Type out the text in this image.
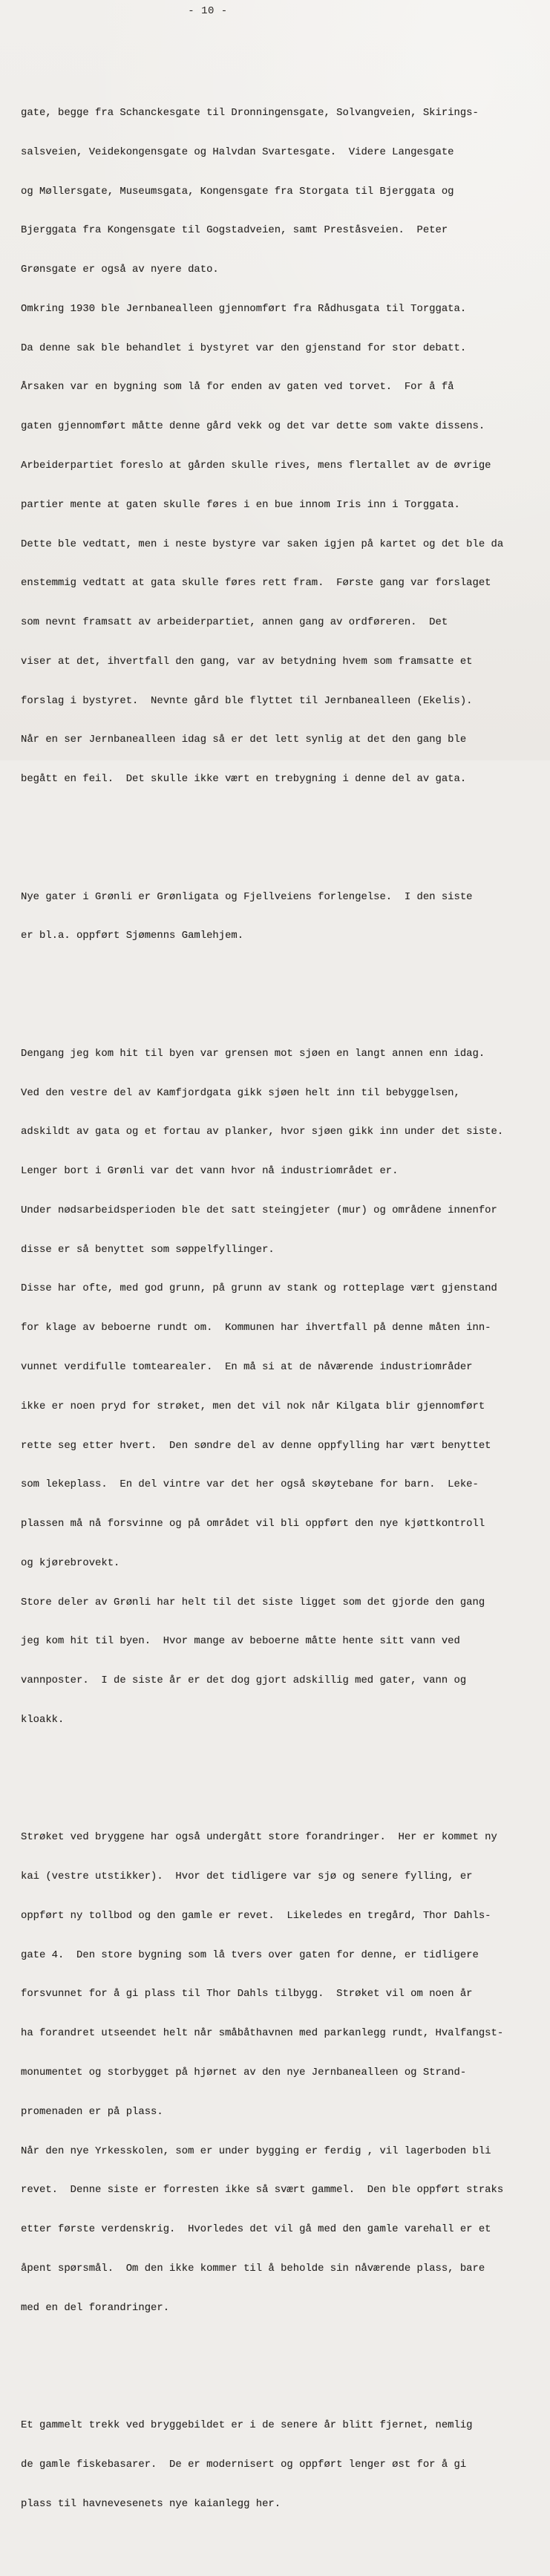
- 10 -

gate, begge fra Schanckesgate til Dronningensgate, Solvangveien, Skirings-

salsveien, Veidekongensgate og Halvdan Svartesgate.  Videre Langesgate

og Møllersgate, Museumsgata, Kongensgate fra Storgata til Bjerggata og

Bjerggata fra Kongensgate til Gogstadveien, samt Preståsveien.  Peter

Grønsgate er også av nyere dato.

Omkring 1930 ble Jernbanealleen gjennomført fra Rådhusgata til Torggata.

Da denne sak ble behandlet i bystyret var den gjenstand for stor debatt.

Årsaken var en bygning som lå for enden av gaten ved torvet.  For å få

gaten gjennomført måtte denne gård vekk og det var dette som vakte dissens.

Arbeiderpartiet foreslo at gården skulle rives, mens flertallet av de øvrige

partier mente at gaten skulle føres i en bue innom Iris inn i Torggata.

Dette ble vedtatt, men i neste bystyre var saken igjen på kartet og det ble da

enstemmig vedtatt at gata skulle føres rett fram.  Første gang var forslaget

som nevnt framsatt av arbeiderpartiet, annen gang av ordføreren.  Det

viser at det, ihvertfall den gang, var av betydning hvem som framsatte et

forslag i bystyret.  Nevnte gård ble flyttet til Jernbanealleen (Ekelis).

Når en ser Jernbanealleen idag så er det lett synlig at det den gang ble

begått en feil.  Det skulle ikke vært en trebygning i denne del av gata.

Nye gater i Grønli er Grønligata og Fjellveiens forlengelse.  I den siste

er bl.a. oppført Sjømenns Gamlehjem.

Dengang jeg kom hit til byen var grensen mot sjøen en langt annen enn idag.

Ved den vestre del av Kamfjordgata gikk sjøen helt inn til bebyggelsen,

adskildt av gata og et fortau av planker, hvor sjøen gikk inn under det siste.

Lenger bort i Grønli var det vann hvor nå industriområdet er.

Under nødsarbeidsperioden ble det satt steingjeter (mur) og områdene innenfor

disse er så benyttet som søppelfyllinger.

Disse har ofte, med god grunn, på grunn av stank og rotteplage vært gjenstand

for klage av beboerne rundt om.  Kommunen har ihvertfall på denne måten inn-

vunnet verdifulle tomtearealer.  En må si at de nåværende industriområder

ikke er noen pryd for strøket, men det vil nok når Kilgata blir gjennomført

rette seg etter hvert.  Den søndre del av denne oppfylling har vært benyttet

som lekeplass.  En del vintre var det her også skøytebane for barn.  Leke-

plassen må nå forsvinne og på området vil bli oppført den nye kjøttkontroll

og kjørebrovekt.

Store deler av Grønli har helt til det siste ligget som det gjorde den gang

jeg kom hit til byen.  Hvor mange av beboerne måtte hente sitt vann ved

vannposter.  I de siste år er det dog gjort adskillig med gater, vann og

kloakk.

Strøket ved bryggene har også undergått store forandringer.  Her er kommet ny

kai (vestre utstikker).  Hvor det tidligere var sjø og senere fylling, er

oppført ny tollbod og den gamle er revet.  Likeledes en tregård, Thor Dahls-

gate 4.  Den store bygning som lå tvers over gaten for denne, er tidligere

forsvunnet for å gi plass til Thor Dahls tilbygg.  Strøket vil om noen år

ha forandret utseendet helt når småbåthavnen med parkanlegg rundt, Hvalfangst-

monumentet og storbygget på hjørnet av den nye Jernbanealleen og Strand-

promenaden er på plass.

Når den nye Yrkesskolen, som er under bygging er ferdig , vil lagerboden bli

revet.  Denne siste er forresten ikke så svært gammel.  Den ble oppført straks

etter første verdenskrig.  Hvorledes det vil gå med den gamle varehall er et

åpent spørsmål.  Om den ikke kommer til å beholde sin nåværende plass, bare

med en del forandringer.

Et gammelt trekk ved bryggebildet er i de senere år blitt fjernet, nemlig

de gamle fiskebasarer.  De er modernisert og oppført lenger øst for å gi

plass til havnevesenets nye kaianlegg her.
